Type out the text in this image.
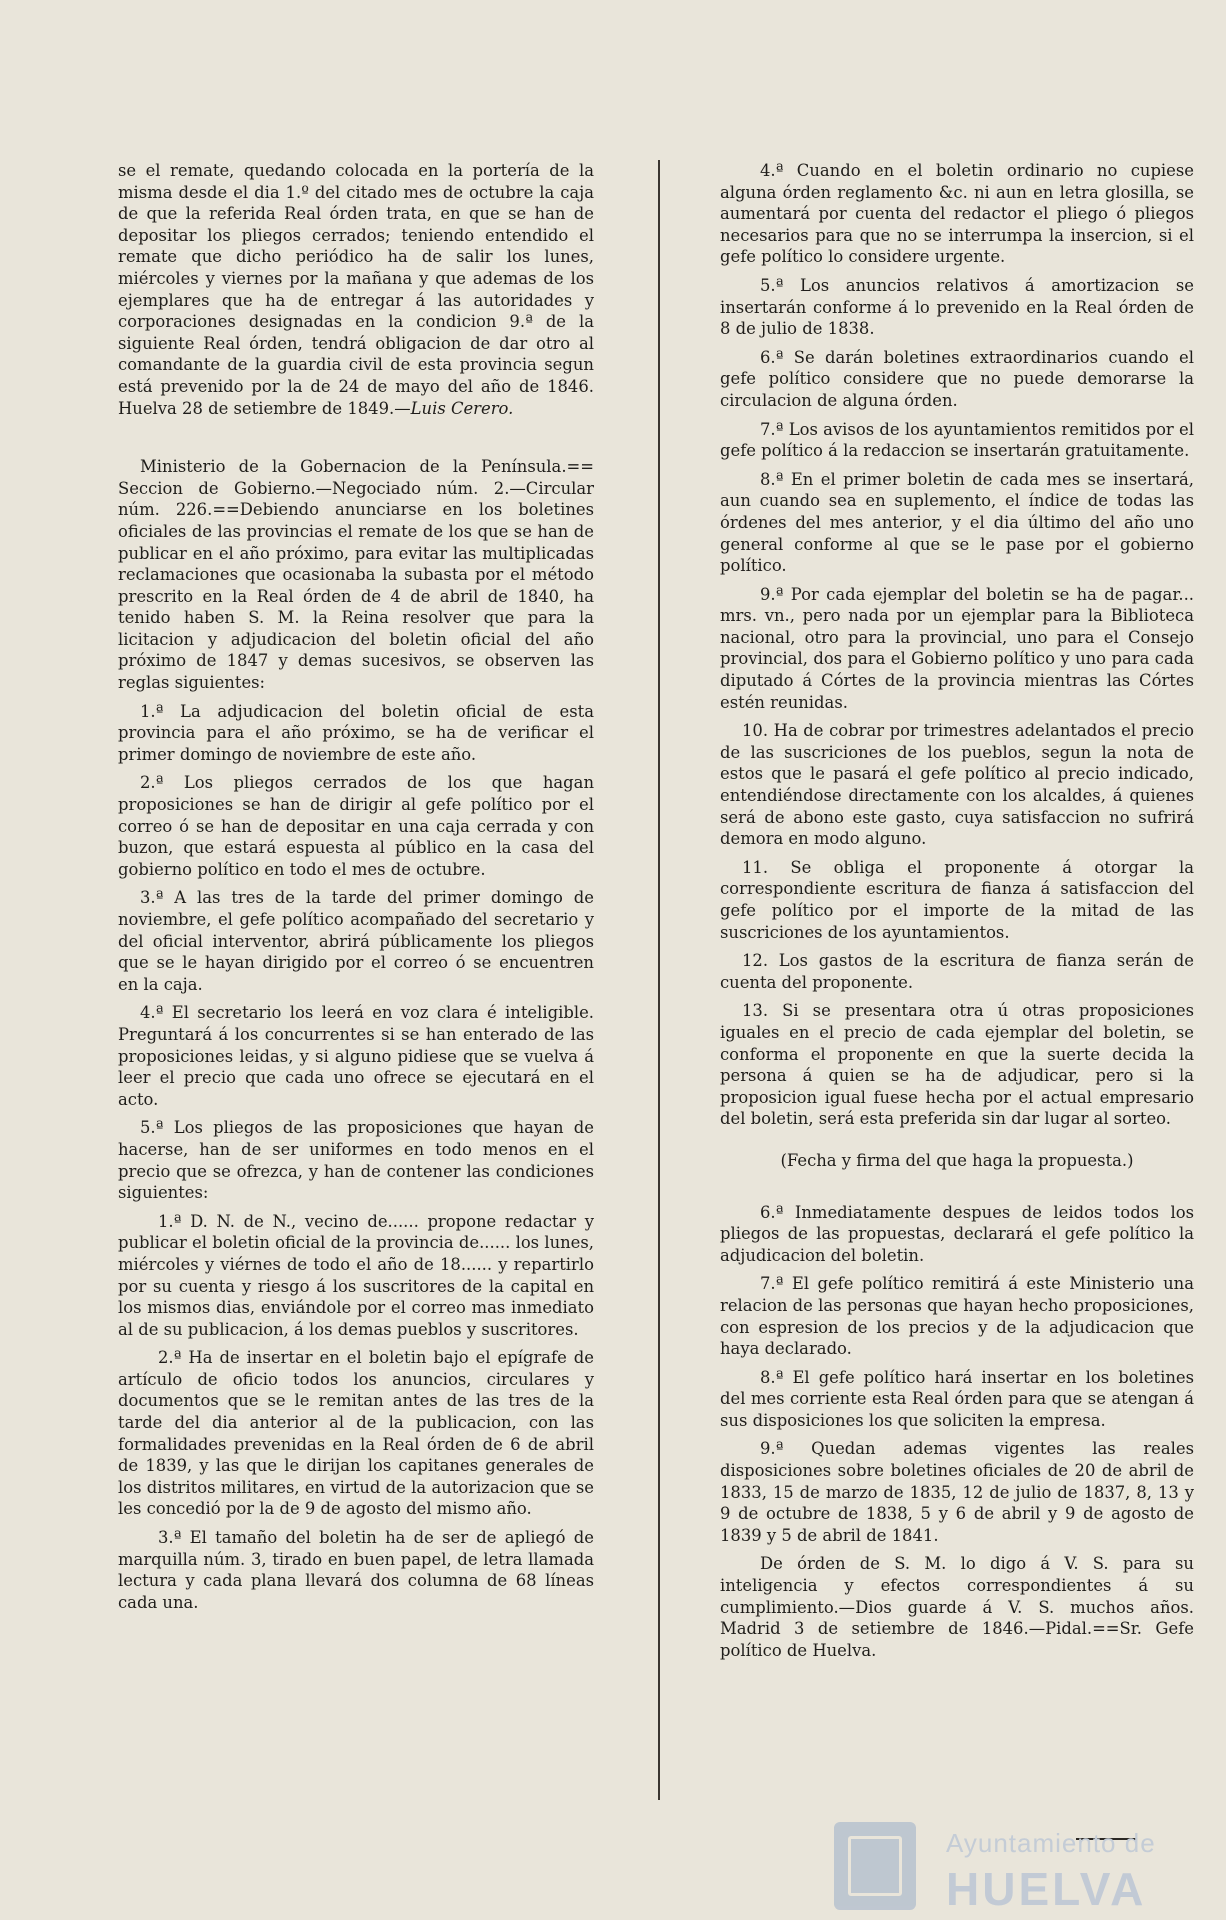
se el remate, quedando colocada en la portería de la misma desde el dia 1.º del citado mes de octubre la caja de que la referida Real órden trata, en que se han de depositar los pliegos cerrados; teniendo entendido el remate que dicho periódico ha de salir los lunes, miércoles y viernes por la mañana y que ademas de los ejemplares que ha de entregar á las autoridades y corporaciones designadas en la condicion 9.ª de la siguiente Real órden, tendrá obligacion de dar otro al comandante de la guardia civil de esta provincia segun está prevenido por la de 24 de mayo del año de 1846. Huelva 28 de setiembre de 1849.—Luis Cerero.

Ministerio de la Gobernacion de la Península.== Seccion de Gobierno.—Negociado núm. 2.—Circular núm. 226.==Debiendo anunciarse en los boletines oficiales de las provincias el remate de los que se han de publicar en el año próximo, para evitar las multiplicadas reclamaciones que ocasionaba la subasta por el método prescrito en la Real órden de 4 de abril de 1840, ha tenido haben S. M. la Reina resolver que para la licitacion y adjudicacion del boletin oficial del año próximo de 1847 y demas sucesivos, se observen las reglas siguientes:

1.ª La adjudicacion del boletin oficial de esta provincia para el año próximo, se ha de verificar el primer domingo de noviembre de este año.

2.ª Los pliegos cerrados de los que hagan proposiciones se han de dirigir al gefe político por el correo ó se han de depositar en una caja cerrada y con buzon, que estará espuesta al público en la casa del gobierno político en todo el mes de octubre.

3.ª A las tres de la tarde del primer domingo de noviembre, el gefe político acompañado del secretario y del oficial interventor, abrirá públicamente los pliegos que se le hayan dirigido por el correo ó se encuentren en la caja.

4.ª El secretario los leerá en voz clara é inteligible. Preguntará á los concurrentes si se han enterado de las proposiciones leidas, y si alguno pidiese que se vuelva á leer el precio que cada uno ofrece se ejecutará en el acto.

5.ª Los pliegos de las proposiciones que hayan de hacerse, han de ser uniformes en todo menos en el precio que se ofrezca, y han de contener las condiciones siguientes:

1.ª D. N. de N., vecino de...... propone redactar y publicar el boletin oficial de la provincia de...... los lunes, miércoles y viérnes de todo el año de 18...... y repartirlo por su cuenta y riesgo á los suscritores de la capital en los mismos dias, enviándole por el correo mas inmediato al de su publicacion, á los demas pueblos y suscritores.

2.ª Ha de insertar en el boletin bajo el epígrafe de artículo de oficio todos los anuncios, circulares y documentos que se le remitan antes de las tres de la tarde del dia anterior al de la publicacion, con las formalidades prevenidas en la Real órden de 6 de abril de 1839, y las que le dirijan los capitanes generales de los distritos militares, en virtud de la autorizacion que se les concedió por la de 9 de agosto del mismo año.

3.ª El tamaño del boletin ha de ser de apliegó de marquilla núm. 3, tirado en buen papel, de letra llamada lectura y cada plana llevará dos columna de 68 líneas cada una.

4.ª Cuando en el boletin ordinario no cupiese alguna órden reglamento &c. ni aun en letra glosilla, se aumentará por cuenta del redactor el pliego ó pliegos necesarios para que no se interrumpa la insercion, si el gefe político lo considere urgente.

5.ª Los anuncios relativos á amortizacion se insertarán conforme á lo prevenido en la Real órden de 8 de julio de 1838.

6.ª Se darán boletines extraordinarios cuando el gefe político considere que no puede demorarse la circulacion de alguna órden.

7.ª Los avisos de los ayuntamientos remitidos por el gefe político á la redaccion se insertarán gratuitamente.

8.ª En el primer boletin de cada mes se insertará, aun cuando sea en suplemento, el índice de todas las órdenes del mes anterior, y el dia último del año uno general conforme al que se le pase por el gobierno político.

9.ª Por cada ejemplar del boletin se ha de pagar... mrs. vn., pero nada por un ejemplar para la Biblioteca nacional, otro para la provincial, uno para el Consejo provincial, dos para el Gobierno político y uno para cada diputado á Córtes de la provincia mientras las Córtes estén reunidas.

10. Ha de cobrar por trimestres adelantados el precio de las suscriciones de los pueblos, segun la nota de estos que le pasará el gefe político al precio indicado, entendiéndose directamente con los alcaldes, á quienes será de abono este gasto, cuya satisfaccion no sufrirá demora en modo alguno.

11. Se obliga el proponente á otorgar la correspondiente escritura de fianza á satisfaccion del gefe político por el importe de la mitad de las suscriciones de los ayuntamientos.

12. Los gastos de la escritura de fianza serán de cuenta del proponente.

13. Si se presentara otra ú otras proposiciones iguales en el precio de cada ejemplar del boletin, se conforma el proponente en que la suerte decida la persona á quien se ha de adjudicar, pero si la proposicion igual fuese hecha por el actual empresario del boletin, será esta preferida sin dar lugar al sorteo.

(Fecha y firma del que haga la propuesta.)

6.ª Inmediatamente despues de leidos todos los pliegos de las propuestas, declarará el gefe político la adjudicacion del boletin.

7.ª El gefe político remitirá á este Ministerio una relacion de las personas que hayan hecho proposiciones, con espresion de los precios y de la adjudicacion que haya declarado.

8.ª El gefe político hará insertar en los boletines del mes corriente esta Real órden para que se atengan á sus disposiciones los que soliciten la empresa.

9.ª Quedan ademas vigentes las reales disposiciones sobre boletines oficiales de 20 de abril de 1833, 15 de marzo de 1835, 12 de julio de 1837, 8, 13 y 9 de octubre de 1838, 5 y 6 de abril y 9 de agosto de 1839 y 5 de abril de 1841.

De órden de S. M. lo digo á V. S. para su inteligencia y efectos correspondientes á su cumplimiento.—Dios guarde á V. S. muchos años. Madrid 3 de setiembre de 1846.—Pidal.==Sr. Gefe político de Huelva.

Ayuntamiento de
HUELVA
